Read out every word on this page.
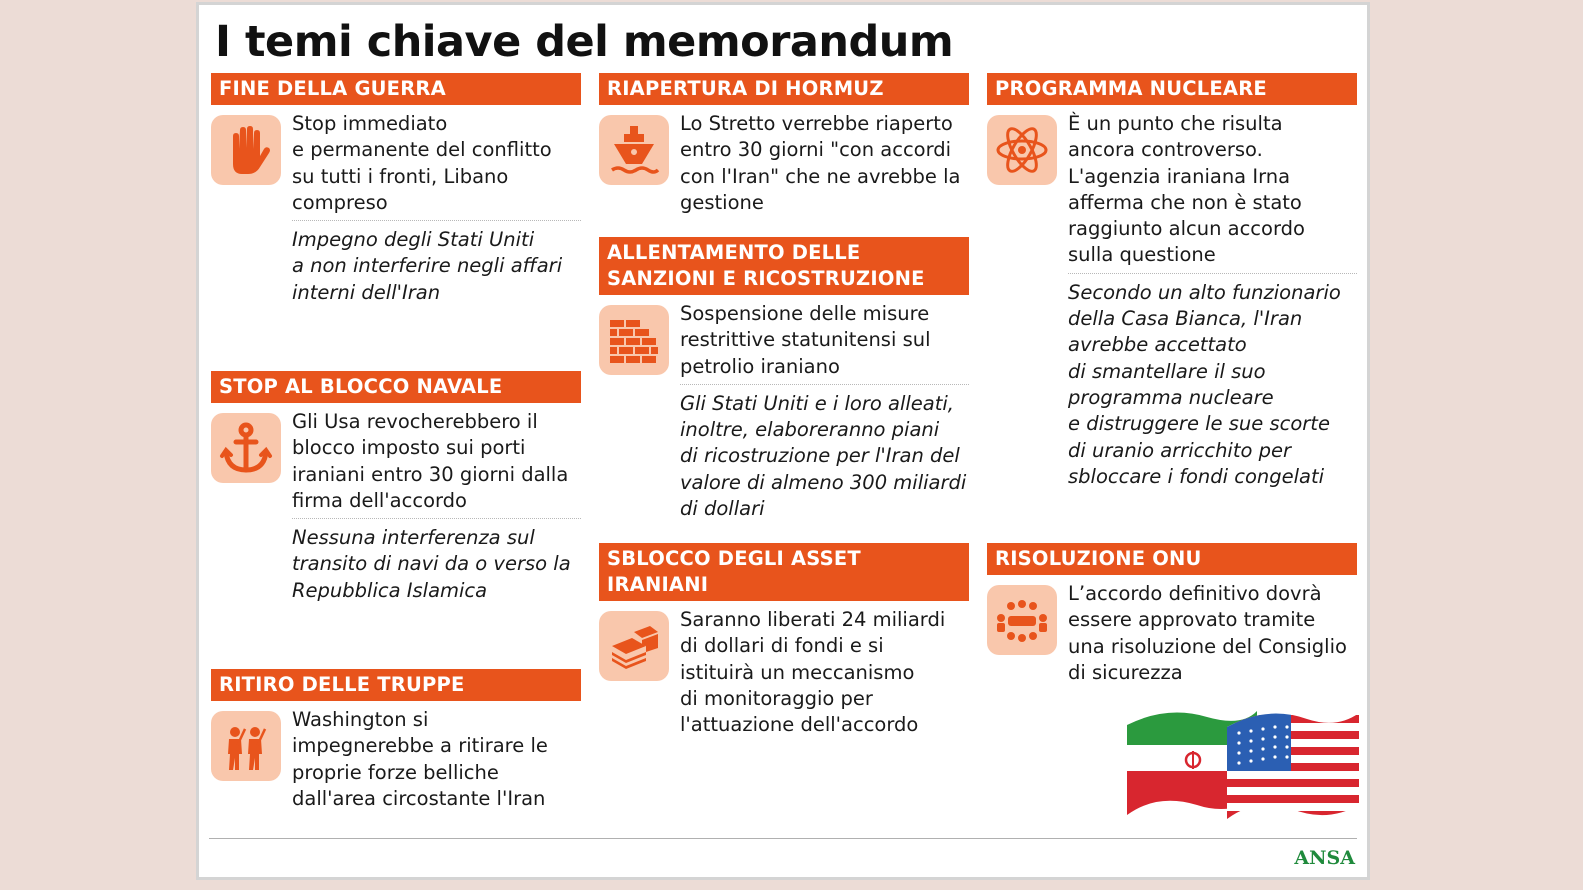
I temi chiave del memorandum
FINE DELLA GUERRA
Stop immediato
e permanente del conflitto
su tutti i fronti, Libano
compreso
Impegno degli Stati Uniti
a non interferire negli affari
interni dell'Iran
STOP AL BLOCCO NAVALE
Gli Usa revocherebbero il
blocco imposto sui porti
iraniani entro 30 giorni dalla
firma dell'accordo
Nessuna interferenza sul
transito di navi da o verso la
Repubblica Islamica
RITIRO DELLE TRUPPE
Washington si
impegnerebbe a ritirare le
proprie forze belliche
dall'area circostante l'Iran
RIAPERTURA DI HORMUZ
Lo Stretto verrebbe riaperto
entro 30 giorni "con accordi
con l'Iran" che ne avrebbe la
gestione
ALLENTAMENTO DELLE
SANZIONI E RICOSTRUZIONE
Sospensione delle misure
restrittive statunitensi sul
petrolio iraniano
Gli Stati Uniti e i loro alleati,
inoltre, elaboreranno piani
di ricostruzione per l'Iran del
valore di almeno 300 miliardi
di dollari
SBLOCCO DEGLI ASSET IRANIANI
Saranno liberati 24 miliardi
di dollari di fondi e si
istituirà un meccanismo
di monitoraggio per
l'attuazione dell'accordo
PROGRAMMA NUCLEARE
È un punto che risulta
ancora controverso.
L'agenzia iraniana Irna
afferma che non è stato
raggiunto alcun accordo
sulla questione
Secondo un alto funzionario
della Casa Bianca, l'Iran
avrebbe accettato
di smantellare il suo
programma nucleare
e distruggere le sue scorte
di uranio arricchito per
sbloccare i fondi congelati
RISOLUZIONE ONU
L’accordo definitivo dovrà
essere approvato tramite
una risoluzione del Consiglio
di sicurezza
ANSA
